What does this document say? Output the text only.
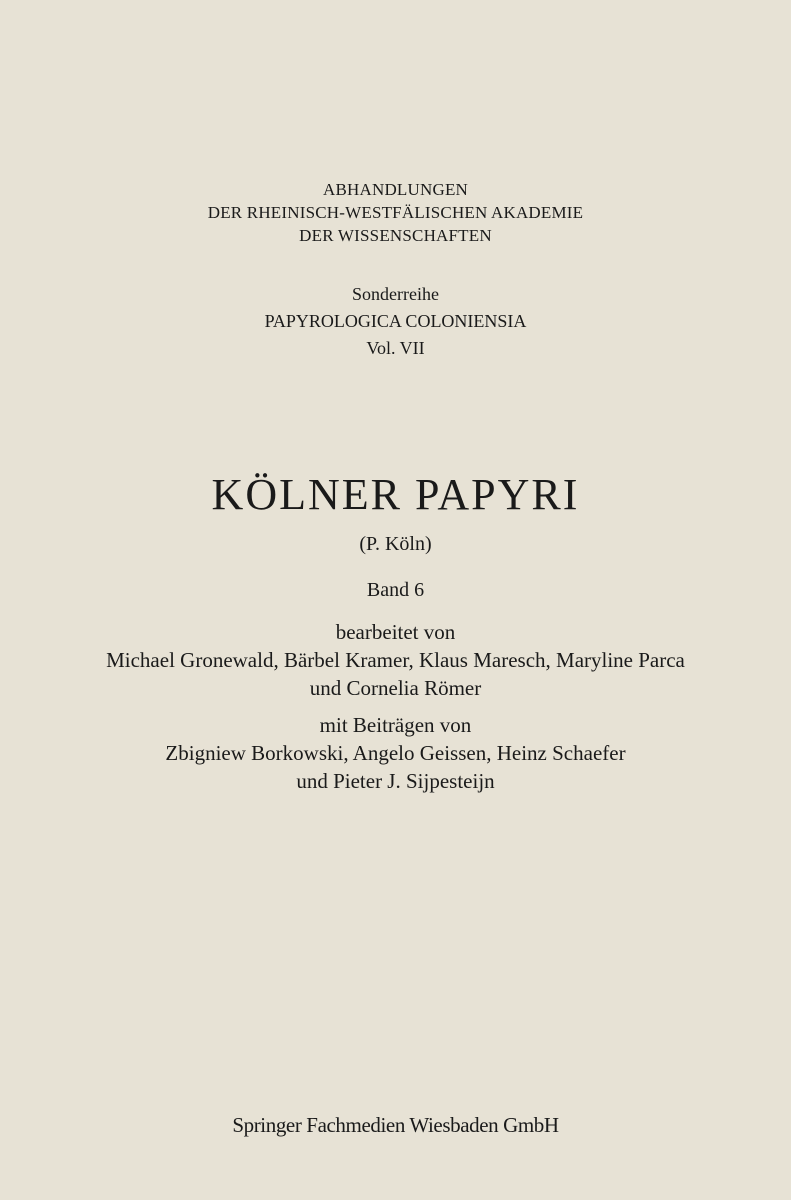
ABHANDLUNGEN
DER RHEINISCH-WESTFÄLISCHEN AKADEMIE
DER WISSENSCHAFTEN
Sonderreihe
PAPYROLOGICA COLONIENSIA
Vol. VII
KÖLNER PAPYRI
(P. Köln)
Band 6
bearbeitet von
Michael Gronewald, Bärbel Kramer, Klaus Maresch, Maryline Parca
und Cornelia Römer
mit Beiträgen von
Zbigniew Borkowski, Angelo Geissen, Heinz Schaefer
und Pieter J. Sijpesteijn
Springer Fachmedien Wiesbaden GmbH
